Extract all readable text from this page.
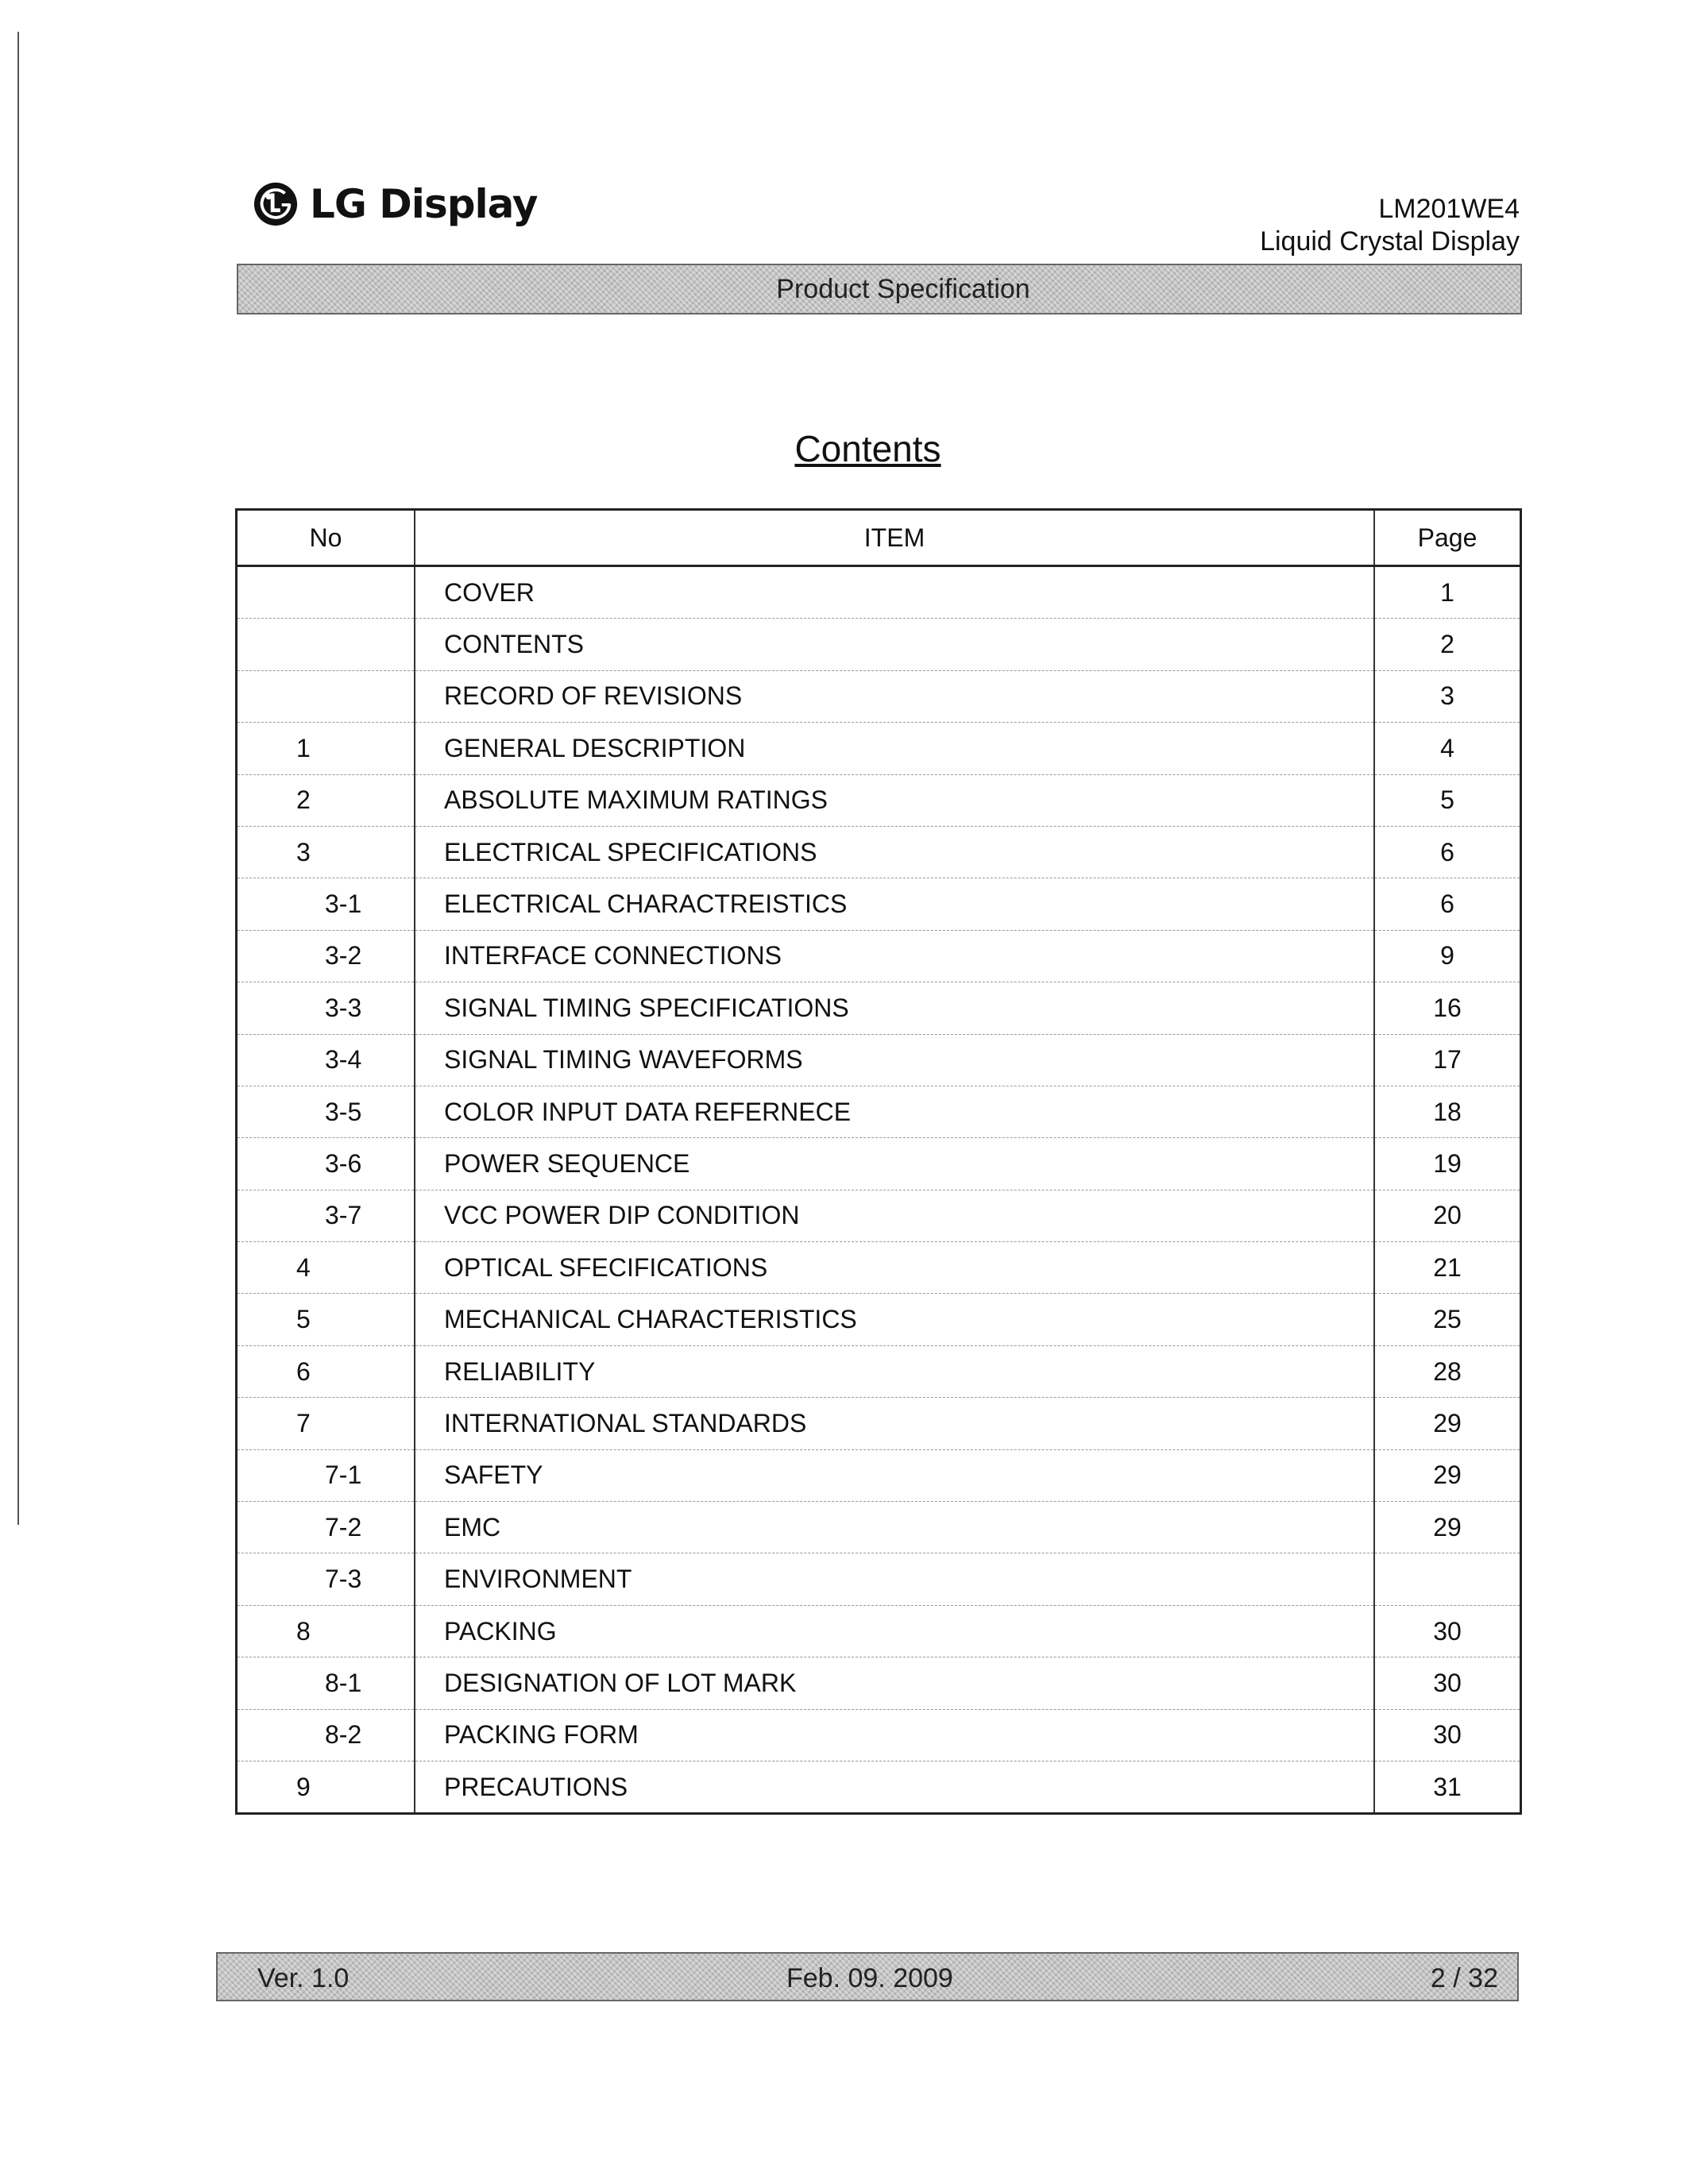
LG Display	LM201WE4
Liquid Crystal Display
Product Specification
Contents
No	ITEM	Page
	COVER	1
	CONTENTS	2
	RECORD OF REVISIONS	3
1	GENERAL DESCRIPTION	4
2	ABSOLUTE MAXIMUM RATINGS	5
3	ELECTRICAL SPECIFICATIONS	6
3-1	ELECTRICAL CHARACTREISTICS	6
3-2	INTERFACE CONNECTIONS	9
3-3	SIGNAL TIMING SPECIFICATIONS	16
3-4	SIGNAL TIMING WAVEFORMS	17
3-5	COLOR INPUT DATA REFERNECE	18
3-6	POWER SEQUENCE	19
3-7	VCC POWER DIP CONDITION	20
4	OPTICAL SFECIFICATIONS	21
5	MECHANICAL CHARACTERISTICS	25
6	RELIABILITY	28
7	INTERNATIONAL STANDARDS	29
7-1	SAFETY	29
7-2	EMC	29
7-3	ENVIRONMENT	
8	PACKING	30
8-1	DESIGNATION OF LOT MARK	30
8-2	PACKING FORM	30
9	PRECAUTIONS	31
Ver. 1.0	Feb. 09. 2009	2 / 32
